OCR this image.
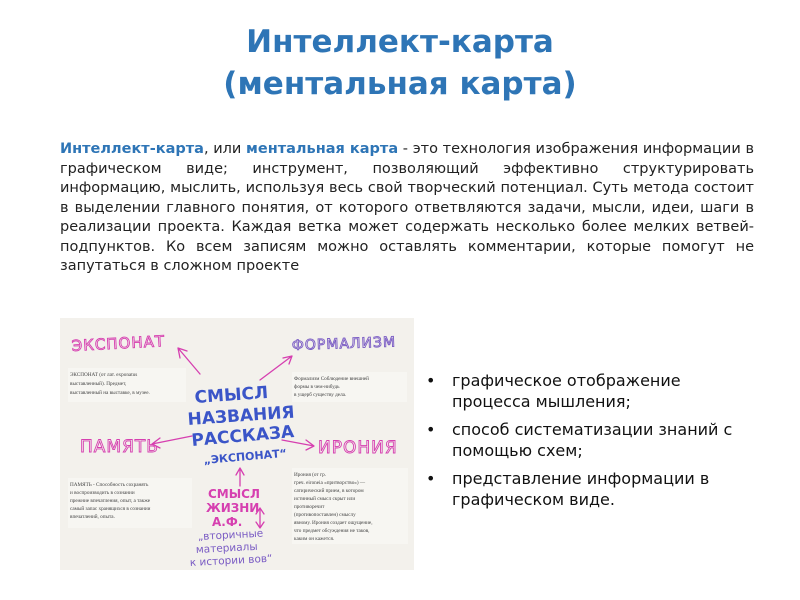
Интеллект-карта
(ментальная карта)

Интеллект-карта, или ментальная карта - это технология изображения информации в графическом виде; инструмент, позволяющий эффективно структурировать информацию, мыслить, используя весь свой творческий потенциал. Суть метода состоит в выделении главного понятия, от которого ответвляются задачи, мысли, идеи, шаги в реализации проекта. Каждая ветка может содержать несколько более мелких ветвей-подпунктов. Ко всем записям можно оставлять комментарии, которые помогут не запутаться в сложном проекте

• графическое отображение процесса мышления;
• способ систематизации знаний с помощью схем;
• представление информации в графическом виде.
ЭКСПОНАТ (от лат. exponatus
выставленный). Предмет,
выставленный на выставке, в музее.
Формализм Соблюдение внешней
формы в чем-нибудь
в ущерб существу дела.
ПАМЯТЬ - Способность сохранять
и воспроизводить в сознании
прежние впечатления, опыт, а также
самый запас хранящихся в сознании
впечатлений, опыта.
Ирония (от гр.
греч. eironeia «притворство») —
сатирический прием, в котором
истинный смысл скрыт или
противоречит
(противопоставлен) смыслу
явному. Ирония создает ощущение,
что предмет обсуждения не таков,
каким он кажется.
ЭКСПОНАТ	ФОРМАЛИЗМ
ПАМЯТЬ	ИРОНИЯ
СМЫСЛ
НАЗВАНИЯ
РАССКАЗА
„ЭКСПОНАТ“
СМЫСЛ
ЖИЗНИ
А.Ф.
„вторичные
материалы
к истории вов“
